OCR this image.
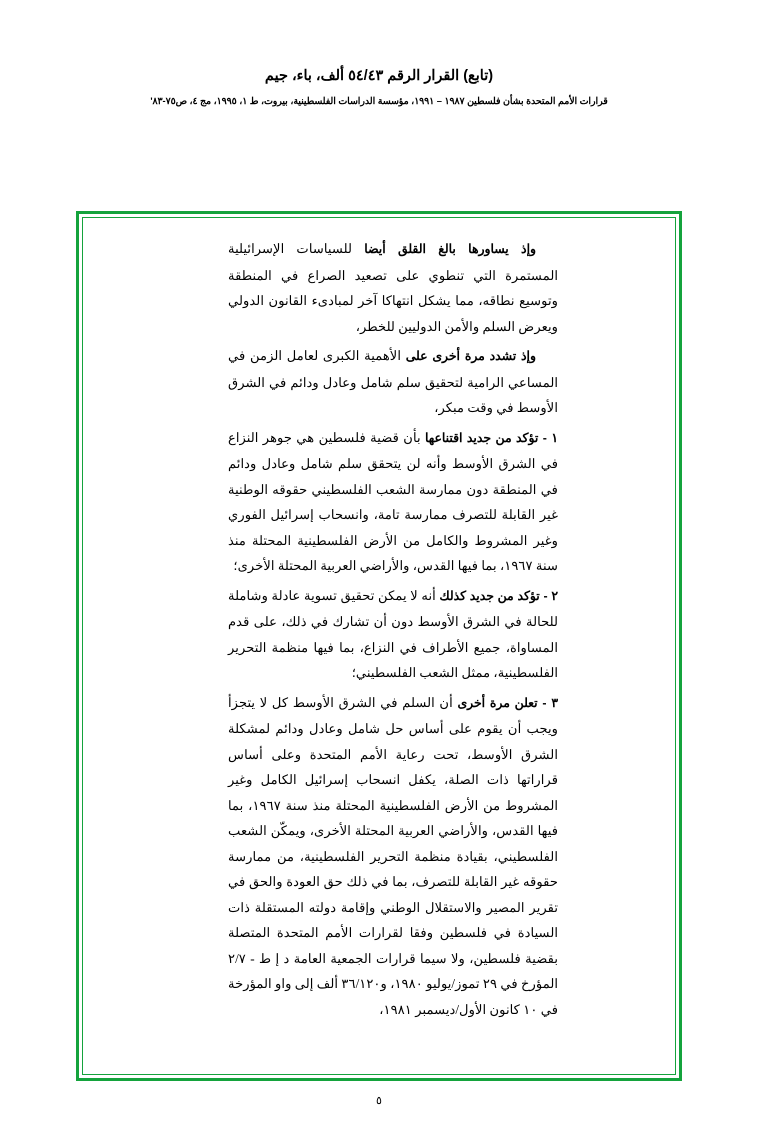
(تابع) القرار الرقم ٥٤/٤٣ ألف، باء، جيم
قرارات الأمم المتحدة بشأن فلسطين ١٩٨٧ – ١٩٩١، مؤسسة الدراسات الفلسطينية، بيروت، ط ١، ١٩٩٥، مج ٤، ص٧٥-٨٣'

وإذ يساورها بالغ القلق أيضا للسياسات الإسرائيلية المستمرة التي تنطوي على تصعيد الصراع في المنطقة وتوسيع نطاقه، مما يشكل انتهاكا آخر لمبادىء القانون الدولي ويعرض السلم والأمن الدوليين للخطر،

وإذ تشدد مرة أخرى على الأهمية الكبرى لعامل الزمن في المساعي الرامية لتحقيق سلم شامل وعادل ودائم في الشرق الأوسط في وقت مبكر،

١ - تؤكد من جديد اقتناعها بأن قضية فلسطين هي جوهر النزاع في الشرق الأوسط وأنه لن يتحقق سلم شامل وعادل ودائم في المنطقة دون ممارسة الشعب الفلسطيني حقوقه الوطنية غير القابلة للتصرف ممارسة تامة، وانسحاب إسرائيل الفوري وغير المشروط والكامل من الأرض الفلسطينية المحتلة منذ سنة ١٩٦٧، بما فيها القدس، والأراضي العربية المحتلة الأخرى؛

٢ - تؤكد من جديد كذلك أنه لا يمكن تحقيق تسوية عادلة وشاملة للحالة في الشرق الأوسط دون أن تشارك في ذلك، على قدم المساواة، جميع الأطراف في النزاع، بما فيها منظمة التحرير الفلسطينية، ممثل الشعب الفلسطيني؛

٣ - تعلن مرة أخرى أن السلم في الشرق الأوسط كل لا يتجزأ ويجب أن يقوم على أساس حل شامل وعادل ودائم لمشكلة الشرق الأوسط، تحت رعاية الأمم المتحدة وعلى أساس قراراتها ذات الصلة، يكفل انسحاب إسرائيل الكامل وغير المشروط من الأرض الفلسطينية المحتلة منذ سنة ١٩٦٧، بما فيها القدس، والأراضي العربية المحتلة الأخرى، ويمكّن الشعب الفلسطيني، بقيادة منظمة التحرير الفلسطينية، من ممارسة حقوقه غير القابلة للتصرف، بما في ذلك حق العودة والحق في تقرير المصير والاستقلال الوطني وإقامة دولته المستقلة ذات السيادة في فلسطين وفقا لقرارات الأمم المتحدة المتصلة بقضية فلسطين، ولا سيما قرارات الجمعية العامة د إ ط - ٢/٧ المؤرخ في ٢٩ تموز/يوليو ١٩٨٠، و٣٦/١٢٠ ألف إلى واو المؤرخة في ١٠ كانون الأول/ديسمبر ١٩٨١،

٥
